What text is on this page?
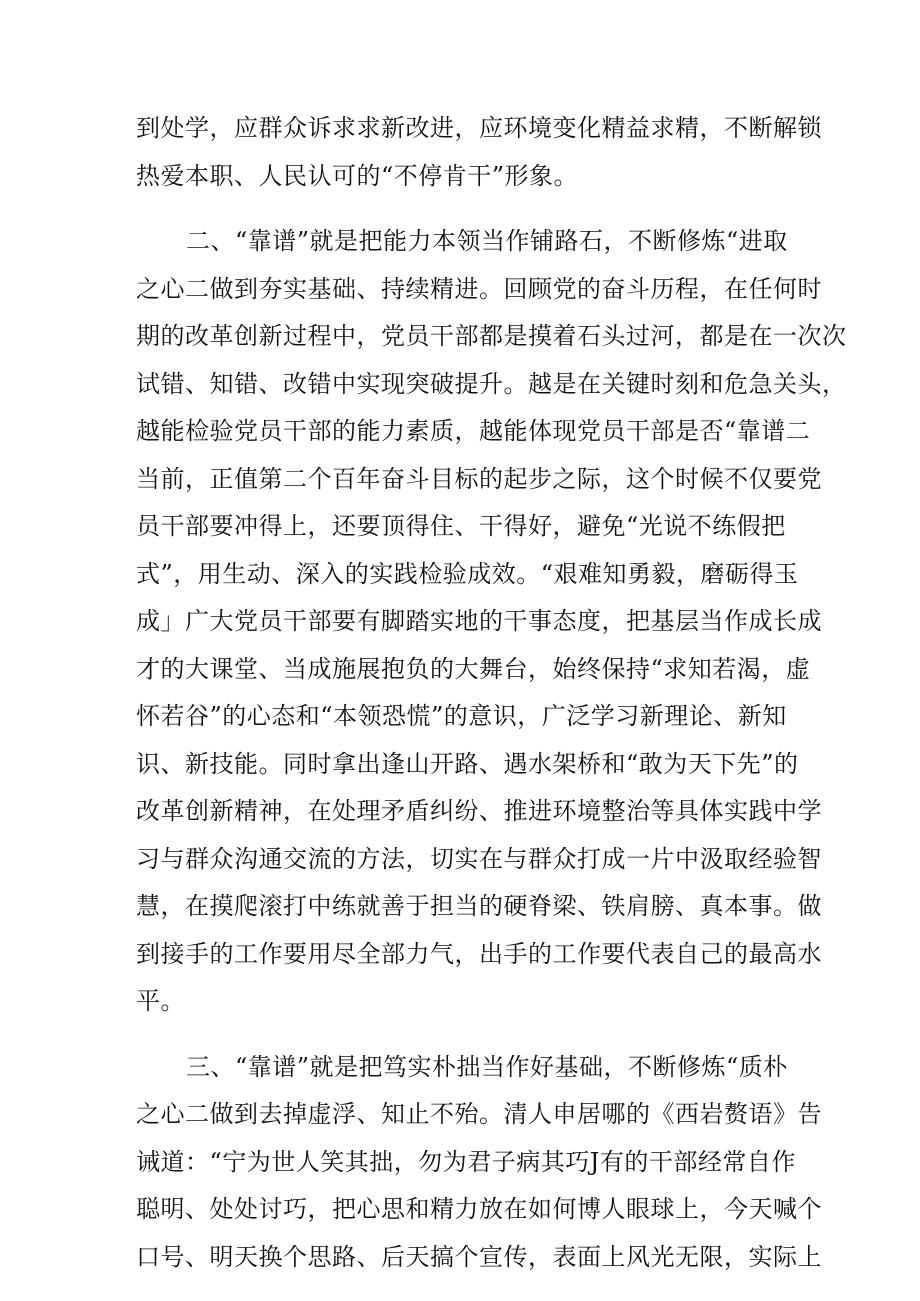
到处学，应群众诉求求新改进，应环境变化精益求精，不断解锁
热爱本职、人民认可的“不停肯干”形象。
二、“靠谱”就是把能力本领当作铺路石，不断修炼“进取
之心二做到夯实基础、持续精进。回顾党的奋斗历程，在任何时
期的改革创新过程中，党员干部都是摸着石头过河，都是在一次次
试错、知错、改错中实现突破提升。越是在关键时刻和危急关头，
越能检验党员干部的能力素质，越能体现党员干部是否“靠谱二
当前，正值第二个百年奋斗目标的起步之际，这个时候不仅要党
员干部要冲得上，还要顶得住、干得好，避免“光说不练假把
式”，用生动、深入的实践检验成效。“艰难知勇毅，磨砺得玉
成」广大党员干部要有脚踏实地的干事态度，把基层当作成长成
才的大课堂、当成施展抱负的大舞台，始终保持“求知若渴，虚
怀若谷”的心态和“本领恐慌”的意识，广泛学习新理论、新知
识、新技能。同时拿出逢山开路、遇水架桥和“敢为天下先”的
改革创新精神，在处理矛盾纠纷、推进环境整治等具体实践中学
习与群众沟通交流的方法，切实在与群众打成一片中汲取经验智
慧，在摸爬滚打中练就善于担当的硬脊梁、铁肩膀、真本事。做
到接手的工作要用尽全部力气，出手的工作要代表自己的最高水
平。
三、“靠谱”就是把笃实朴拙当作好基础，不断修炼“质朴
之心二做到去掉虚浮、知止不殆。清人申居哪的《西岩赘语》告
诫道：“宁为世人笑其拙，勿为君子病其巧J有的干部经常自作
聪明、处处讨巧，把心思和精力放在如何博人眼球上，今天喊个
口号、明天换个思路、后天搞个宣传，表面上风光无限，实际上
